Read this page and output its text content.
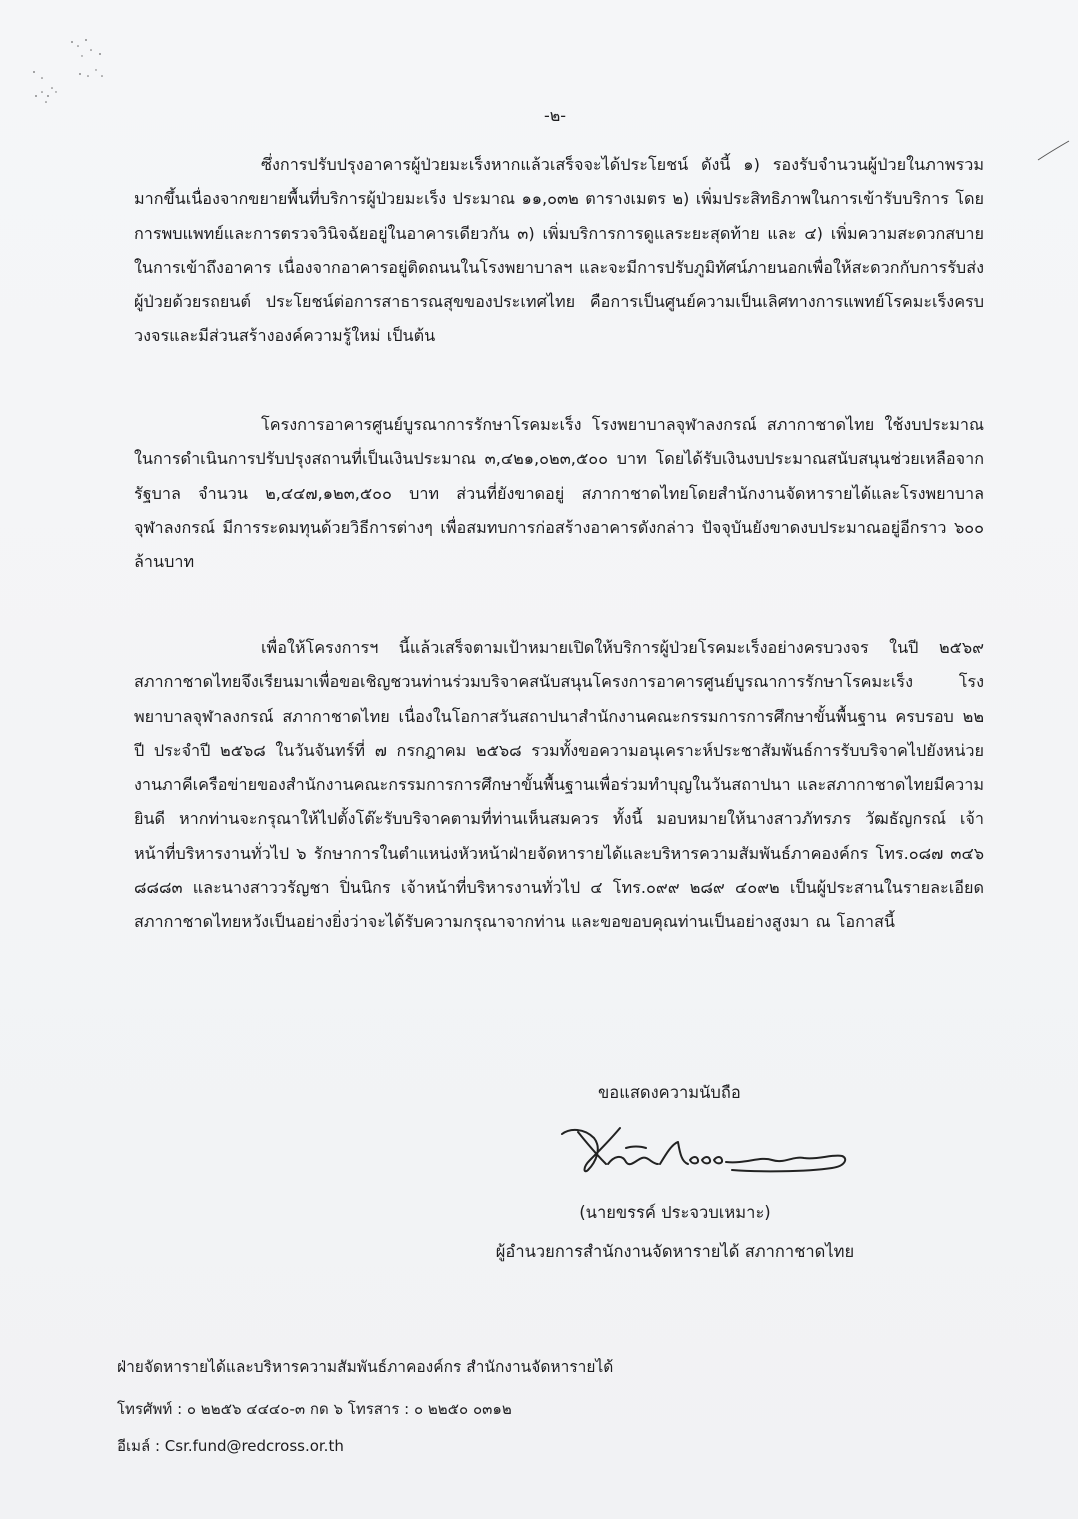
-๒-

ซึ่งการปรับปรุงอาคารผู้ป่วยมะเร็งหากแล้วเสร็จจะได้ประโยชน์ ดังนี้ ๑) รองรับจำนวนผู้ป่วยในภาพรวมมากขึ้นเนื่องจากขยายพื้นที่บริการผู้ป่วยมะเร็ง ประมาณ ๑๑,๐๓๒ ตารางเมตร ๒) เพิ่มประสิทธิภาพในการเข้ารับบริการ โดยการพบแพทย์และการตรวจวินิจฉัยอยู่ในอาคารเดียวกัน ๓) เพิ่มบริการการดูแลระยะสุดท้าย และ ๔) เพิ่มความสะดวกสบายในการเข้าถึงอาคาร เนื่องจากอาคารอยู่ติดถนนในโรงพยาบาลฯ และจะมีการปรับภูมิทัศน์ภายนอกเพื่อให้สะดวกกับการรับส่งผู้ป่วยด้วยรถยนต์ ประโยชน์ต่อการสาธารณสุขของประเทศไทย คือการเป็นศูนย์ความเป็นเลิศทางการแพทย์โรคมะเร็งครบวงจรและมีส่วนสร้างองค์ความรู้ใหม่ เป็นต้น

โครงการอาคารศูนย์บูรณาการรักษาโรคมะเร็ง โรงพยาบาลจุฬาลงกรณ์ สภากาชาดไทย ใช้งบประมาณในการดำเนินการปรับปรุงสถานที่เป็นเงินประมาณ ๓,๔๒๑,๐๒๓,๕๐๐ บาท โดยได้รับเงินงบประมาณสนับสนุนช่วยเหลือจากรัฐบาล จำนวน ๒,๔๔๗,๑๒๓,๕๐๐ บาท ส่วนที่ยังขาดอยู่ สภากาชาดไทยโดยสำนักงานจัดหารายได้และโรงพยาบาลจุฬาลงกรณ์ มีการระดมทุนด้วยวิธีการต่างๆ เพื่อสมทบการก่อสร้างอาคารดังกล่าว ปัจจุบันยังขาดงบประมาณอยู่อีกราว ๖๐๐ ล้านบาท

เพื่อให้โครงการฯ นี้แล้วเสร็จตามเป้าหมายเปิดให้บริการผู้ป่วยโรคมะเร็งอย่างครบวงจร ในปี ๒๕๖๙ สภากาชาดไทยจึงเรียนมาเพื่อขอเชิญชวนท่านร่วมบริจาคสนับสนุนโครงการอาคารศูนย์บูรณาการรักษาโรคมะเร็ง โรงพยาบาลจุฬาลงกรณ์ สภากาชาดไทย เนื่องในโอกาสวันสถาปนาสำนักงานคณะกรรมการการศึกษาขั้นพื้นฐาน ครบรอบ ๒๒ ปี ประจำปี ๒๕๖๘ ในวันจันทร์ที่ ๗ กรกฎาคม ๒๕๖๘ รวมทั้งขอความอนุเคราะห์ประชาสัมพันธ์การรับบริจาคไปยังหน่วยงานภาคีเครือข่ายของสำนักงานคณะกรรมการการศึกษาขั้นพื้นฐานเพื่อร่วมทำบุญในวันสถาปนา และสภากาชาดไทยมีความยินดี หากท่านจะกรุณาให้ไปตั้งโต๊ะรับบริจาคตามที่ท่านเห็นสมควร ทั้งนี้ มอบหมายให้นางสาวภัทรภร วัฒธัญกรณ์ เจ้าหน้าที่บริหารงานทั่วไป ๖ รักษาการในตำแหน่งหัวหน้าฝ่ายจัดหารายได้และบริหารความสัมพันธ์ภาคองค์กร โทร.๐๘๗ ๓๔๖ ๘๘๘๓ และนางสาววรัญชา ปิ่นนิกร เจ้าหน้าที่บริหารงานทั่วไป ๔ โทร.๐๙๙ ๒๘๙ ๔๐๙๒ เป็นผู้ประสานในรายละเอียด สภากาชาดไทยหวังเป็นอย่างยิ่งว่าจะได้รับความกรุณาจากท่าน และขอขอบคุณท่านเป็นอย่างสูงมา ณ โอกาสนี้

ขอแสดงความนับถือ
(นายขรรค์ ประจวบเหมาะ)
ผู้อำนวยการสำนักงานจัดหารายได้ สภากาชาดไทย
ฝ่ายจัดหารายได้และบริหารความสัมพันธ์ภาคองค์กร สำนักงานจัดหารายได้
โทรศัพท์ : ๐ ๒๒๕๖ ๔๔๔๐-๓ กด ๖ โทรสาร : ๐ ๒๒๕๐ ๐๓๑๒
อีเมล์ : Csr.fund@redcross.or.th
